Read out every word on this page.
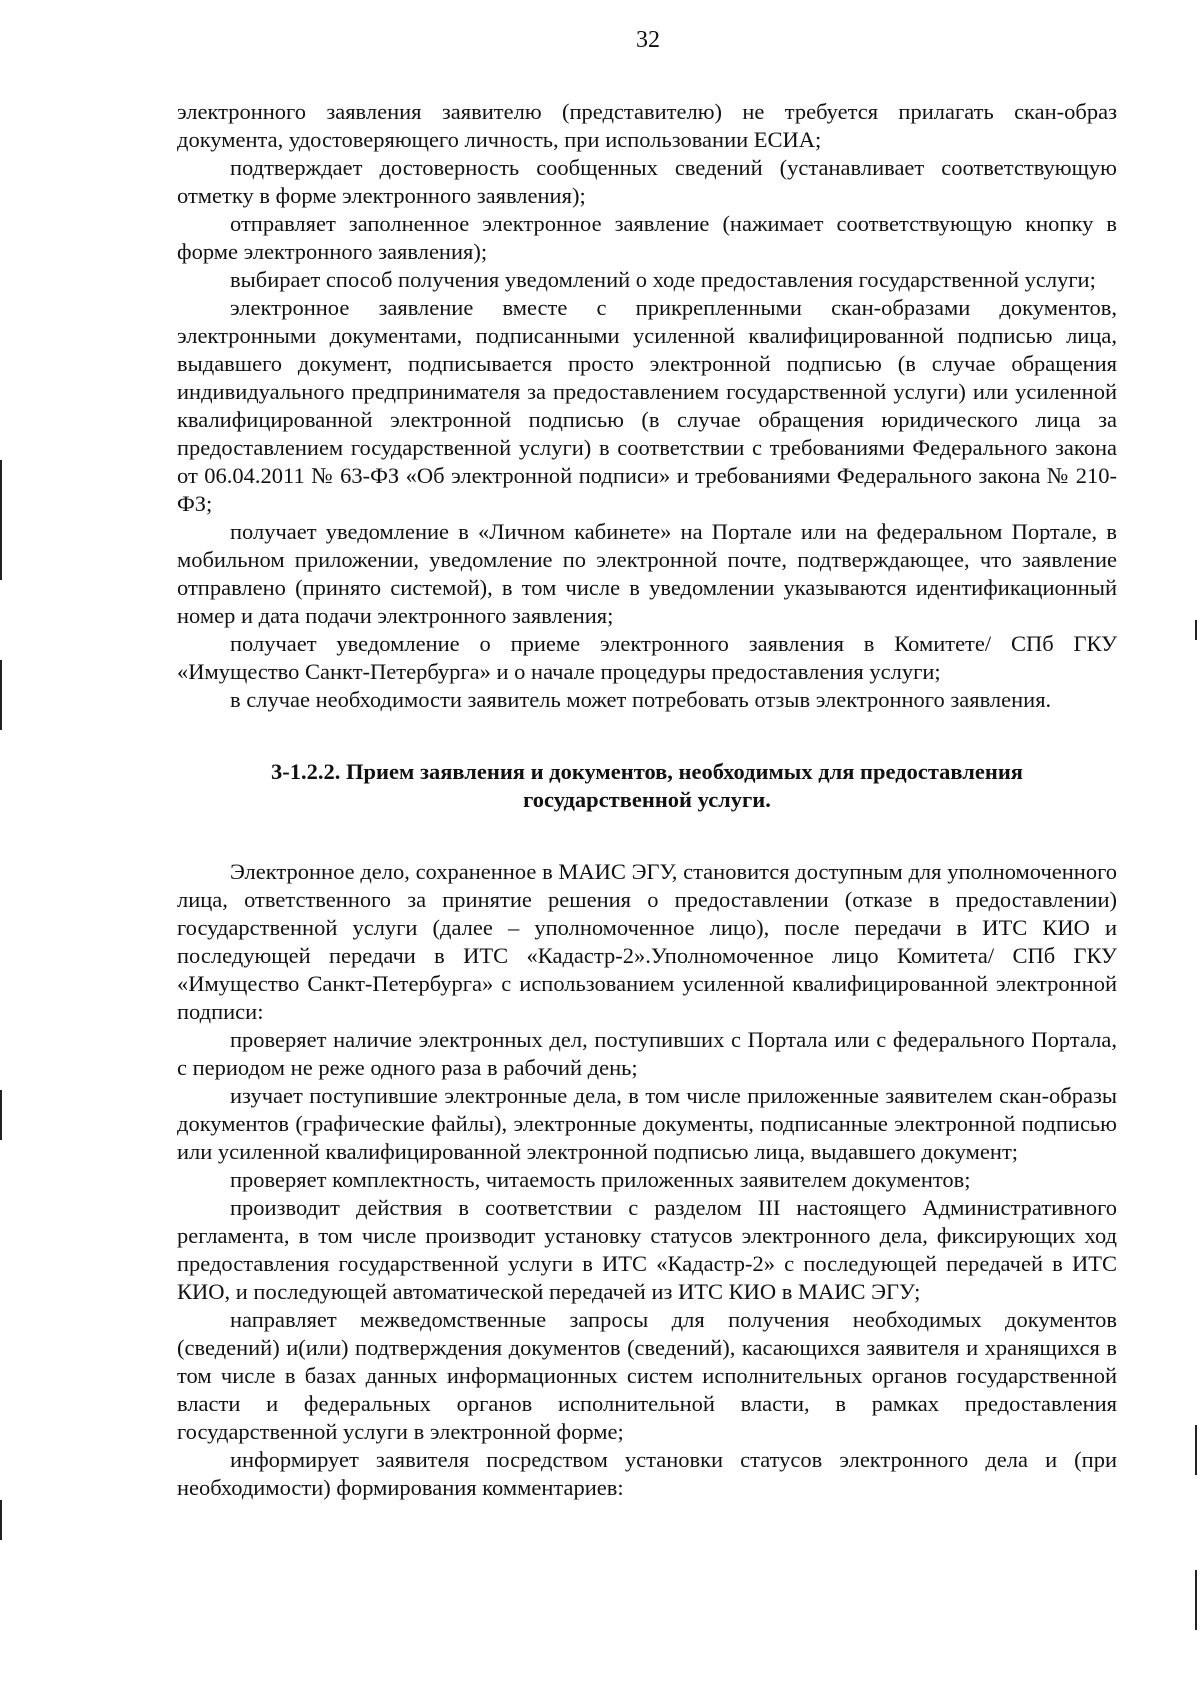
32

электронного заявления заявителю (представителю) не требуется прилагать скан-образ документа, удостоверяющего личность, при использовании ЕСИА;

подтверждает достоверность сообщенных сведений (устанавливает соответствующую отметку в форме электронного заявления);

отправляет заполненное электронное заявление (нажимает соответствующую кнопку в форме электронного заявления);

выбирает способ получения уведомлений о ходе предоставления государственной услуги;

электронное заявление вместе с прикрепленными скан-образами документов, электронными документами, подписанными усиленной квалифицированной подписью лица, выдавшего документ, подписывается просто электронной подписью (в случае обращения индивидуального предпринимателя за предоставлением государственной услуги) или усиленной квалифицированной электронной подписью (в случае обращения юридического лица за предоставлением государственной услуги) в соответствии с требованиями Федерального закона от 06.04.2011 № 63-ФЗ «Об электронной подписи» и требованиями Федерального закона № 210-ФЗ;

получает уведомление в «Личном кабинете» на Портале или на федеральном Портале, в мобильном приложении, уведомление по электронной почте, подтверждающее, что заявление отправлено (принято системой), в том числе в уведомлении указываются идентификационный номер и дата подачи электронного заявления;

получает уведомление о приеме электронного заявления в Комитете/ СПб ГКУ «Имущество Санкт-Петербурга» и о начале процедуры предоставления услуги;

в случае необходимости заявитель может потребовать отзыв электронного заявления.

3-1.2.2. Прием заявления и документов, необходимых для предоставления государственной услуги.

Электронное дело, сохраненное в МАИС ЭГУ, становится доступным для уполномоченного лица, ответственного за принятие решения о предоставлении (отказе в предоставлении) государственной услуги (далее – уполномоченное лицо), после передачи в ИТС КИО и последующей передачи в ИТС «Кадастр-2».Уполномоченное лицо Комитета/ СПб ГКУ «Имущество Санкт-Петербурга» с использованием усиленной квалифицированной электронной подписи:

проверяет наличие электронных дел, поступивших с Портала или с федерального Портала, с периодом не реже одного раза в рабочий день;

изучает поступившие электронные дела, в том числе приложенные заявителем скан-образы документов (графические файлы), электронные документы, подписанные электронной подписью или усиленной квалифицированной электронной подписью лица, выдавшего документ;

проверяет комплектность, читаемость приложенных заявителем документов;

производит действия в соответствии с разделом III настоящего Административного регламента, в том числе производит установку статусов электронного дела, фиксирующих ход предоставления государственной услуги в ИТС «Кадастр-2» с последующей передачей в ИТС КИО, и последующей автоматической передачей из ИТС КИО в МАИС ЭГУ;

направляет межведомственные запросы для получения необходимых документов (сведений) и(или) подтверждения документов (сведений), касающихся заявителя и хранящихся в том числе в базах данных информационных систем исполнительных органов государственной власти и федеральных органов исполнительной власти, в рамках предоставления государственной услуги в электронной форме;

информирует заявителя посредством установки статусов электронного дела и (при необходимости) формирования комментариев:
